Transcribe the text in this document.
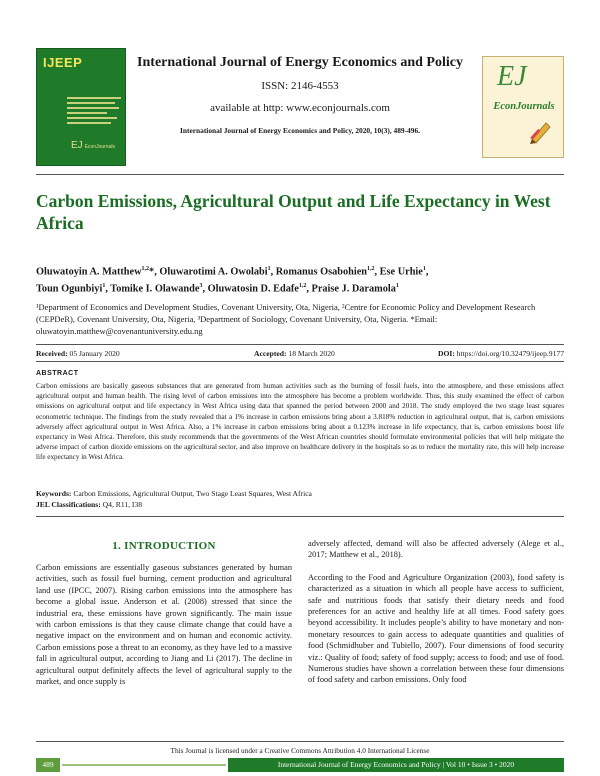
IJEEP
EJ EconJournals
International Journal of Energy Economics and Policy
ISSN: 2146-4553
available at http: www.econjournals.com
International Journal of Energy Economics and Policy, 2020, 10(3), 489-496.
EJ
EconJournals
Carbon Emissions, Agricultural Output and Life Expectancy in West Africa
Oluwatoyin A. Matthew$^{1,2}$*, Oluwarotimi A. Owolabi$^1$, Romanus Osabohien$^{1,2}$, Ese Urhie$^1$,
Toun Ogunbiyi$^1$, Tomike I. Olawande$^3$, Oluwatosin D. Edafe$^{1,2}$, Praise J. Daramola$^1$
¹Department of Economics and Development Studies, Covenant University, Ota, Nigeria, ²Centre for Economic Policy and Development Research (CEPDeR), Covenant University, Ota, Nigeria, ³Department of Sociology, Covenant University, Ota, Nigeria. *Email: oluwatoyin.matthew@covenantuniversity.edu.ng
Received: 05 January 2020	Accepted: 18 March 2020	DOI: https://doi.org/10.32479/ijeep.9177
ABSTRACT
Carbon emissions are basically gaseous substances that are generated from human activities such as the burning of fossil fuels, into the atmosphere, and these emissions affect agricultural output and human health. The rising level of carbon emissions into the atmosphere has become a problem worldwide. Thus, this study examined the effect of carbon emissions on agricultural output and life expectancy in West Africa using data that spanned the period between 2000 and 2018. The study employed the two stage least squares econometric technique. The findings from the study revealed that a 1% increase in carbon emissions bring about a 3.818% reduction in agricultural output, that is, carbon emissions adversely affect agricultural output in West Africa. Also, a 1% increase in carbon emissions bring about a 0.123% increase in life expectancy, that is, carbon emissions boost life expectancy in West Africa. Therefore, this study recommends that the governments of the West African countries should formulate environmental policies that will help mitigate the adverse impact of carbon dioxide emissions on the agricultural sector, and also improve on healthcare delivery in the hospitals so as to reduce the mortality rate, this will help increase life expectancy in West Africa.
Keywords: Carbon Emissions, Agricultural Output, Two Stage Least Squares, West Africa
JEL Classifications: Q4, R11, I38
1. INTRODUCTION

Carbon emissions are essentially gaseous substances generated by human activities, such as fossil fuel burning, cement production and agricultural land use (IPCC, 2007). Rising carbon emissions into the atmosphere has become a global issue. Anderson et al. (2008) stressed that since the industrial era, these emissions have grown significantly. The main issue with carbon emissions is that they cause climate change that could have a negative impact on the environment and on human and economic activity. Carbon emissions pose a threat to an economy, as they have led to a massive fall in agricultural output, according to Jiang and Li (2017). The decline in agricultural output definitely affects the level of agricultural supply to the market, and once supply is

adversely affected, demand will also be affected adversely (Alege et al., 2017; Matthew et al., 2018).

According to the Food and Agriculture Organization (2003), food safety is characterized as a situation in which all people have access to sufficient, safe and nutritious foods that satisfy their dietary needs and food preferences for an active and healthy life at all times. Food safety goes beyond accessibility. It includes people’s ability to have monetary and non-monetary resources to gain access to adequate quantities and qualities of food (Schmidhuber and Tubiello, 2007). Four dimensions of food security viz.: Quality of food; safety of food supply; access to food; and use of food. Numerous studies have shown a correlation between these four dimensions of food safety and carbon emissions. Only food

This Journal is licensed under a Creative Commons Attribution 4.0 International License
489	International Journal of Energy Economics and Policy | Vol 10 • Issue 3 • 2020
